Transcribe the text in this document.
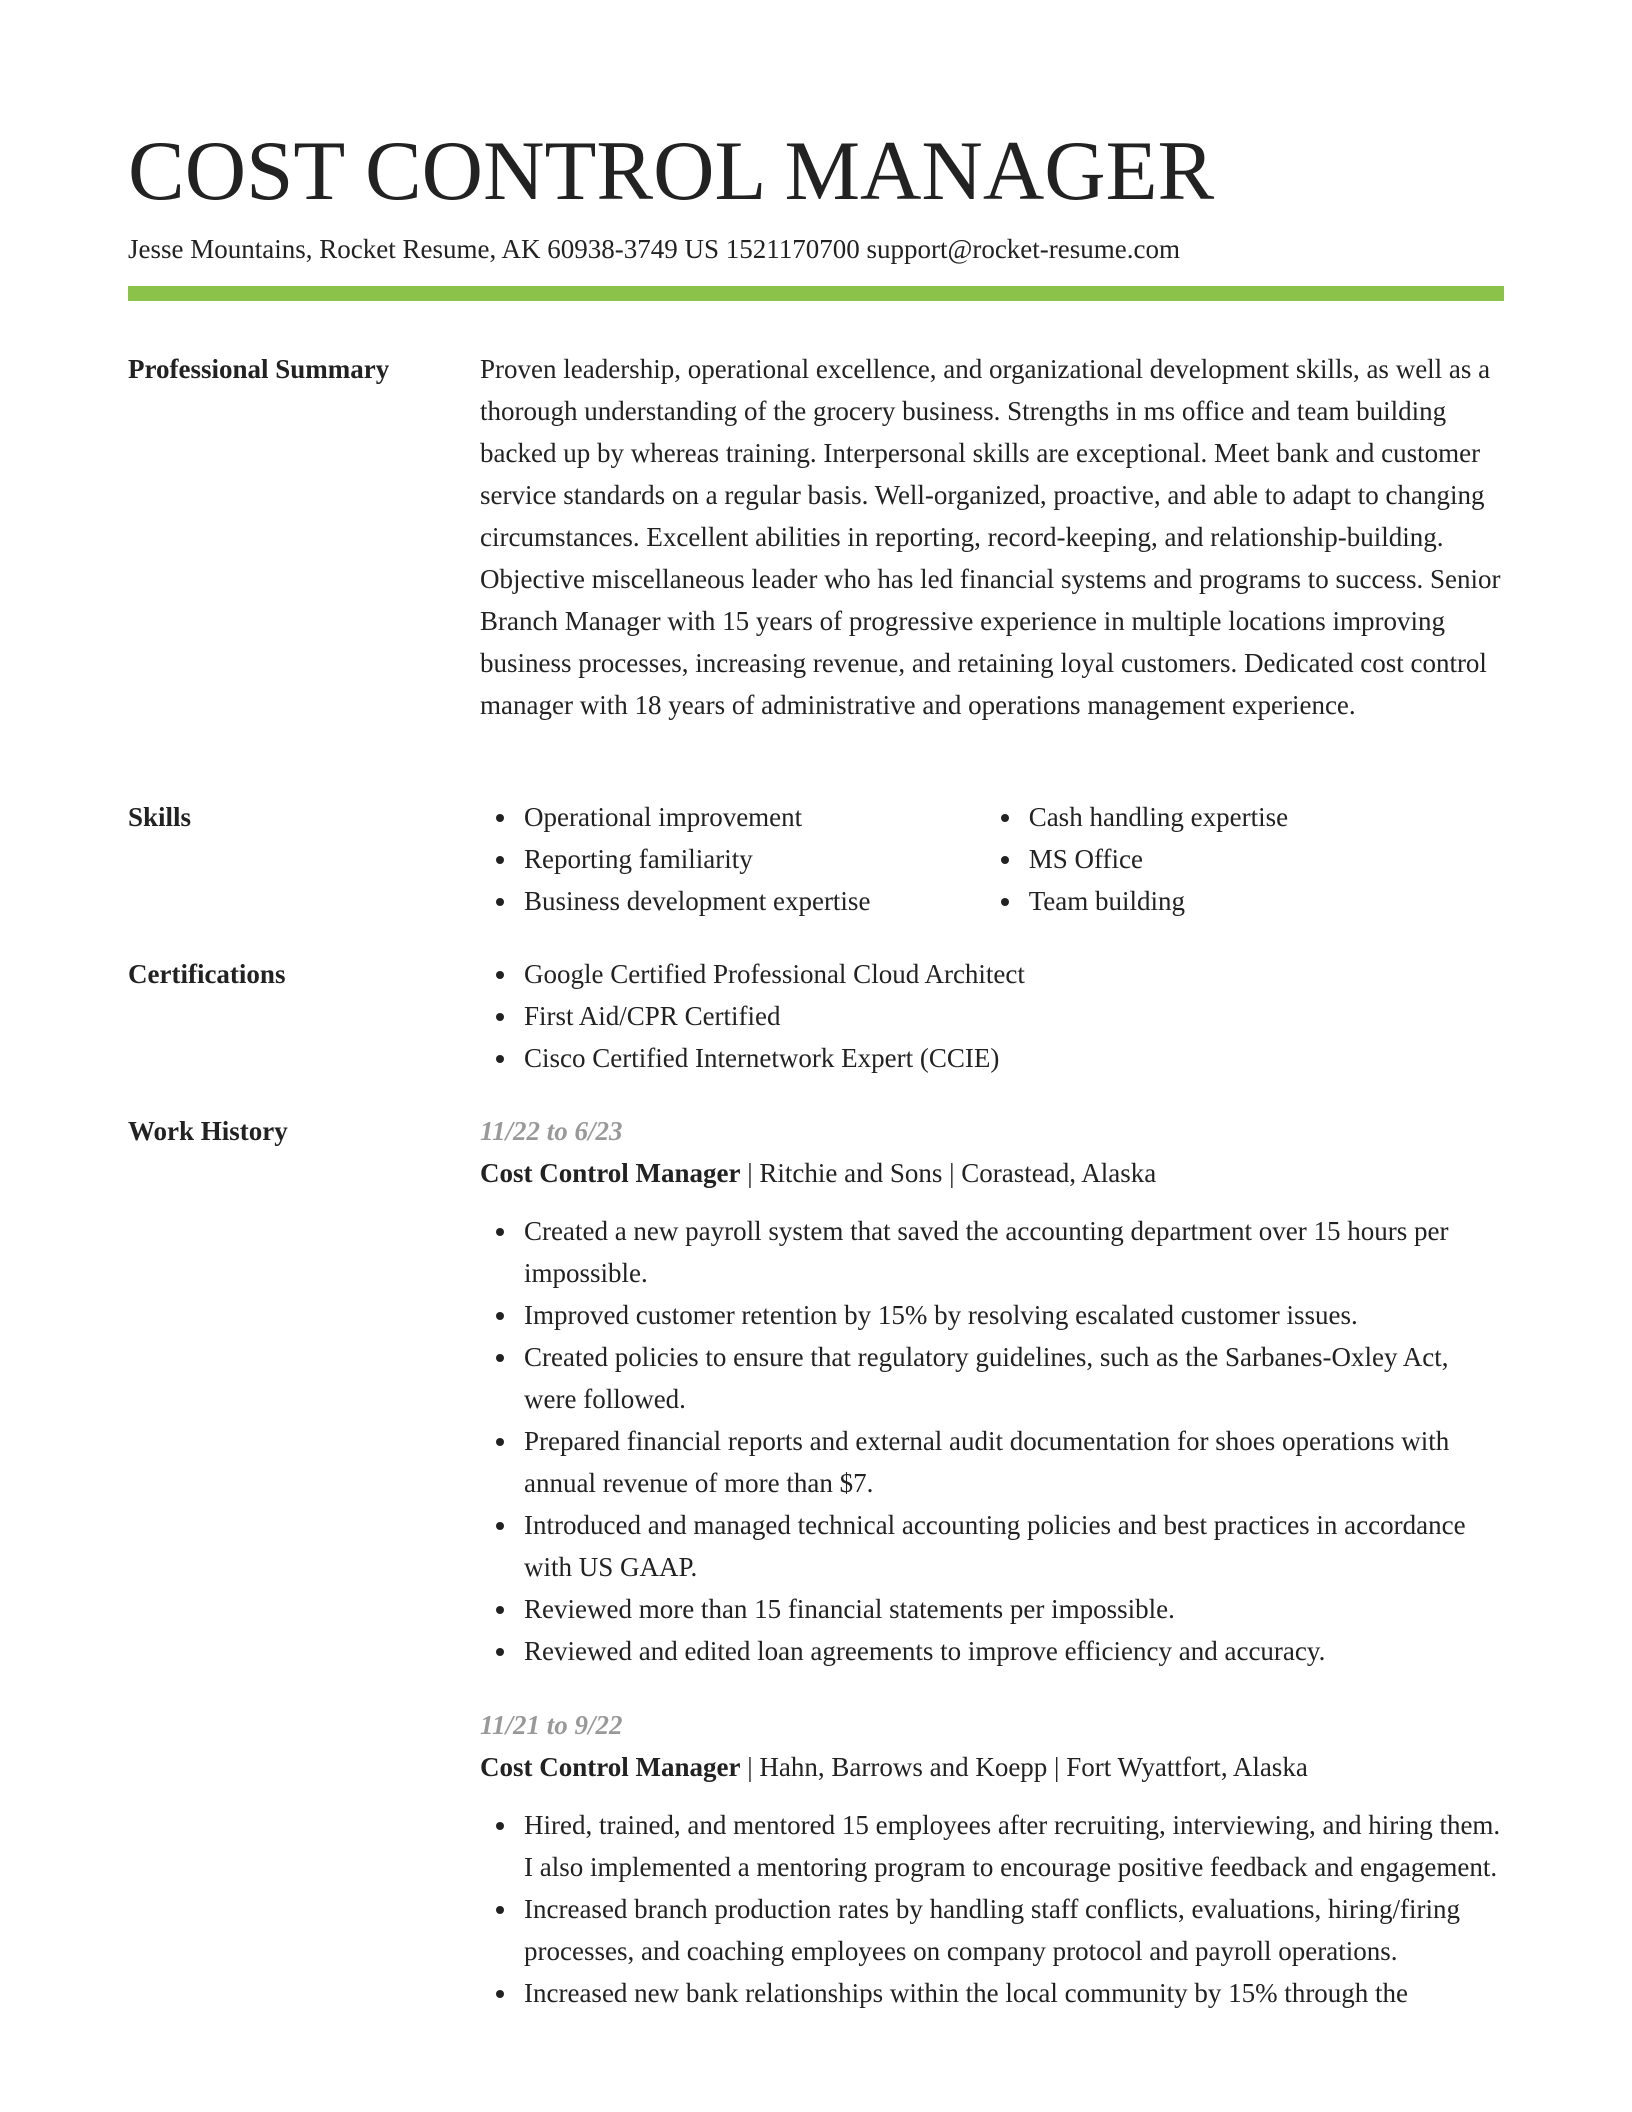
COST CONTROL MANAGER
Jesse Mountains, Rocket Resume, AK 60938-3749 US 1521170700 support@rocket-resume.com
Professional Summary	Proven leadership, operational excellence, and organizational development skills, as well as a thorough understanding of the grocery business. Strengths in ms office and team building backed up by whereas training. Interpersonal skills are exceptional. Meet bank and customer service standards on a regular basis. Well-organized, proactive, and able to adapt to changing circumstances. Excellent abilities in reporting, record-keeping, and relationship-building. Objective miscellaneous leader who has led financial systems and programs to success. Senior Branch Manager with 15 years of progressive experience in multiple locations improving business processes, increasing revenue, and retaining loyal customers. Dedicated cost control manager with 18 years of administrative and operations management experience.

Skills	Operational improvement
Reporting familiarity
Business development expertise
Cash handling expertise
MS Office
Team building
Certifications	Google Certified Professional Cloud Architect
First Aid/CPR Certified
Cisco Certified Internetwork Expert (CCIE)
Work History	11/22 to 6/23
Cost Control Manager | Ritchie and Sons | Corastead, Alaska
Created a new payroll system that saved the accounting department over 15 hours per impossible.
Improved customer retention by 15% by resolving escalated customer issues.
Created policies to ensure that regulatory guidelines, such as the Sarbanes-Oxley Act, were followed.
Prepared financial reports and external audit documentation for shoes operations with annual revenue of more than $7.
Introduced and managed technical accounting policies and best practices in accordance with US GAAP.
Reviewed more than 15 financial statements per impossible.
Reviewed and edited loan agreements to improve efficiency and accuracy.
11/21 to 9/22
Cost Control Manager | Hahn, Barrows and Koepp | Fort Wyattfort, Alaska
Hired, trained, and mentored 15 employees after recruiting, interviewing, and hiring them. I also implemented a mentoring program to encourage positive feedback and engagement.
Increased branch production rates by handling staff conflicts, evaluations, hiring/firing processes, and coaching employees on company protocol and payroll operations.
Increased new bank relationships within the local community by 15% through the
